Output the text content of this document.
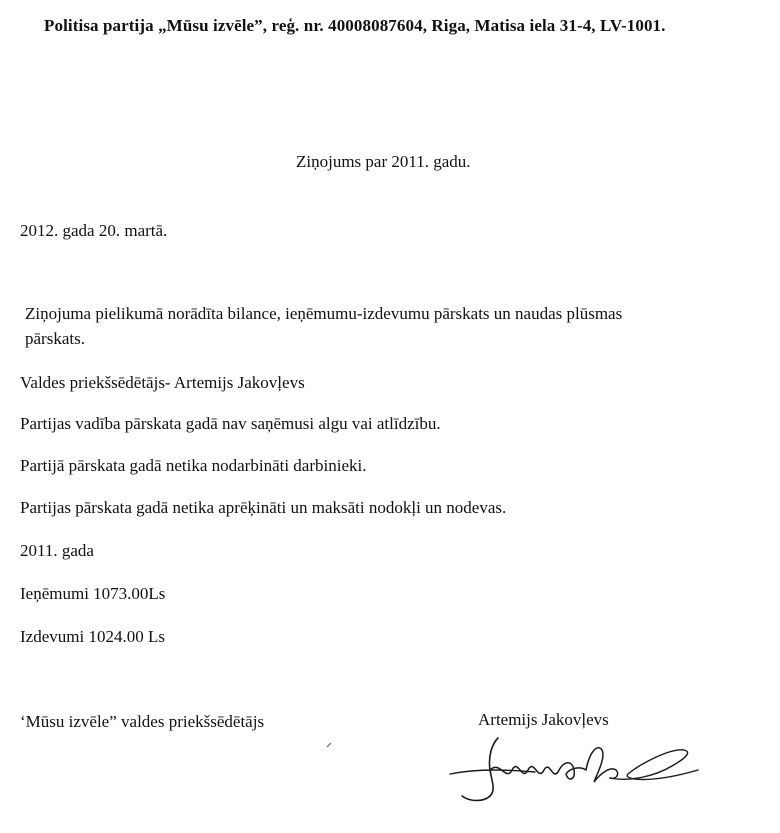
Politisa partija „Mūsu izvēle”, reģ. nr. 40008087604, Riga, Matisa iela 31-4, LV-1001.
Ziņojums par 2011. gadu.
2012. gada 20. martā.
Ziņojuma pielikumā norādīta bilance, ieņēmumu-izdevumu pārskats un naudas plūsmas
pārskats.
Valdes priekšsēdētājs- Artemijs Jakovļevs
Partijas vadība pārskata gadā nav saņēmusi algu vai atlīdzību.
Partijā pārskata gadā netika nodarbināti darbinieki.
Partijas pārskata gadā netika aprēķināti un maksāti nodokļi un nodevas.
2011. gada
Ieņēmumi 1073.00Ls
Izdevumi 1024.00 Ls
‘Mūsu izvēle” valdes priekšsēdētājs	Artemijs Jakovļevs
